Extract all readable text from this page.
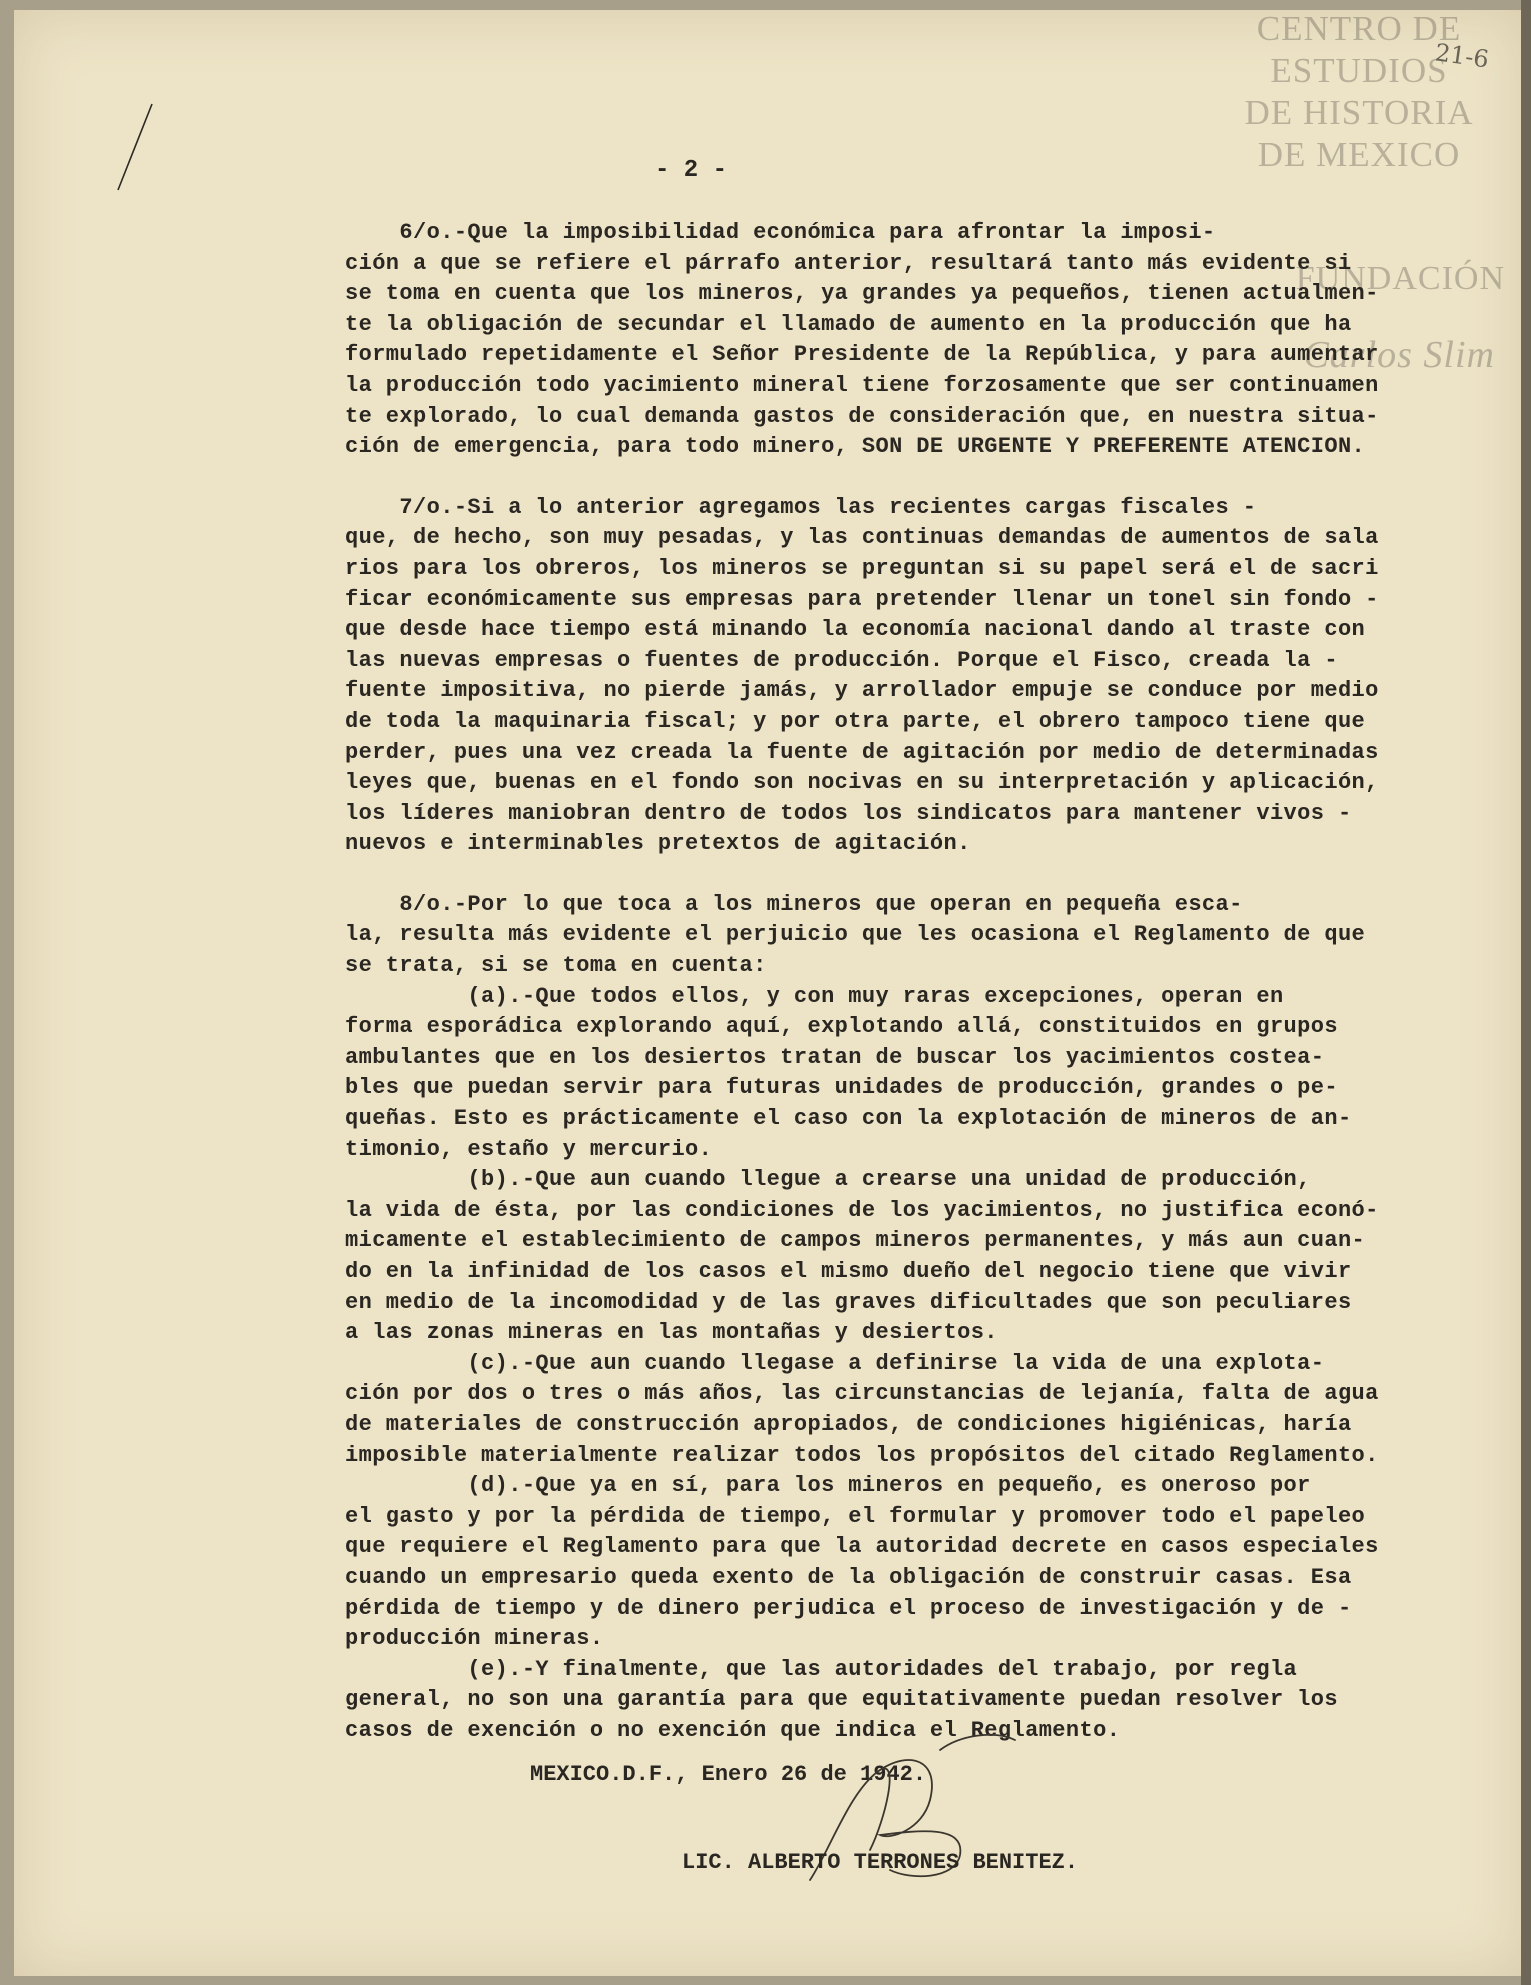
CENTRO DE
ESTUDIOS
DE HISTORIA
DE MEXICO
FUNDACIÓN
Carlos Slim
21-6
- 2 -
6/o.-Que la imposibilidad económica para afrontar la imposi-
ción a que se refiere el párrafo anterior, resultará tanto más evidente si
se toma en cuenta que los mineros, ya grandes ya pequeños, tienen actualmen-
te la obligación de secundar el llamado de aumento en la producción que ha
formulado repetidamente el Señor Presidente de la República, y para aumentar
la producción todo yacimiento mineral tiene forzosamente que ser continuamen
te explorado, lo cual demanda gastos de consideración que, en nuestra situa-
ción de emergencia, para todo minero, SON DE URGENTE Y PREFERENTE ATENCION.
7/o.-Si a lo anterior agregamos las recientes cargas fiscales -
que, de hecho, son muy pesadas, y las continuas demandas de aumentos de sala
rios para los obreros, los mineros se preguntan si su papel será el de sacri
ficar económicamente sus empresas para pretender llenar un tonel sin fondo -
que desde hace tiempo está minando la economía nacional dando al traste con
las nuevas empresas o fuentes de producción. Porque el Fisco, creada la -
fuente impositiva, no pierde jamás, y arrollador empuje se conduce por medio
de toda la maquinaria fiscal; y por otra parte, el obrero tampoco tiene que
perder, pues una vez creada la fuente de agitación por medio de determinadas
leyes que, buenas en el fondo son nocivas en su interpretación y aplicación,
los líderes maniobran dentro de todos los sindicatos para mantener vivos -
nuevos e interminables pretextos de agitación.
8/o.-Por lo que toca a los mineros que operan en pequeña esca-
la, resulta más evidente el perjuicio que les ocasiona el Reglamento de que
se trata, si se toma en cuenta:
(a).-Que todos ellos, y con muy raras excepciones, operan en
forma esporádica explorando aquí, explotando allá, constituidos en grupos
ambulantes que en los desiertos tratan de buscar los yacimientos costea-
bles que puedan servir para futuras unidades de producción, grandes o pe-
queñas. Esto es prácticamente el caso con la explotación de mineros de an-
timonio, estaño y mercurio.
(b).-Que aun cuando llegue a crearse una unidad de producción,
la vida de ésta, por las condiciones de los yacimientos, no justifica econó-
micamente el establecimiento de campos mineros permanentes, y más aun cuan-
do en la infinidad de los casos el mismo dueño del negocio tiene que vivir
en medio de la incomodidad y de las graves dificultades que son peculiares
a las zonas mineras en las montañas y desiertos.
(c).-Que aun cuando llegase a definirse la vida de una explota-
ción por dos o tres o más años, las circunstancias de lejanía, falta de agua
de materiales de construcción apropiados, de condiciones higiénicas, haría
imposible materialmente realizar todos los propósitos del citado Reglamento.
(d).-Que ya en sí, para los mineros en pequeño, es oneroso por
el gasto y por la pérdida de tiempo, el formular y promover todo el papeleo
que requiere el Reglamento para que la autoridad decrete en casos especiales
cuando un empresario queda exento de la obligación de construir casas. Esa
pérdida de tiempo y de dinero perjudica el proceso de investigación y de -
producción mineras.
(e).-Y finalmente, que las autoridades del trabajo, por regla
general, no son una garantía para que equitativamente puedan resolver los
casos de exención o no exención que indica el Reglamento.
MEXICO.D.F., Enero 26 de 1942.
LIC. ALBERTO TERRONES BENITEZ.
